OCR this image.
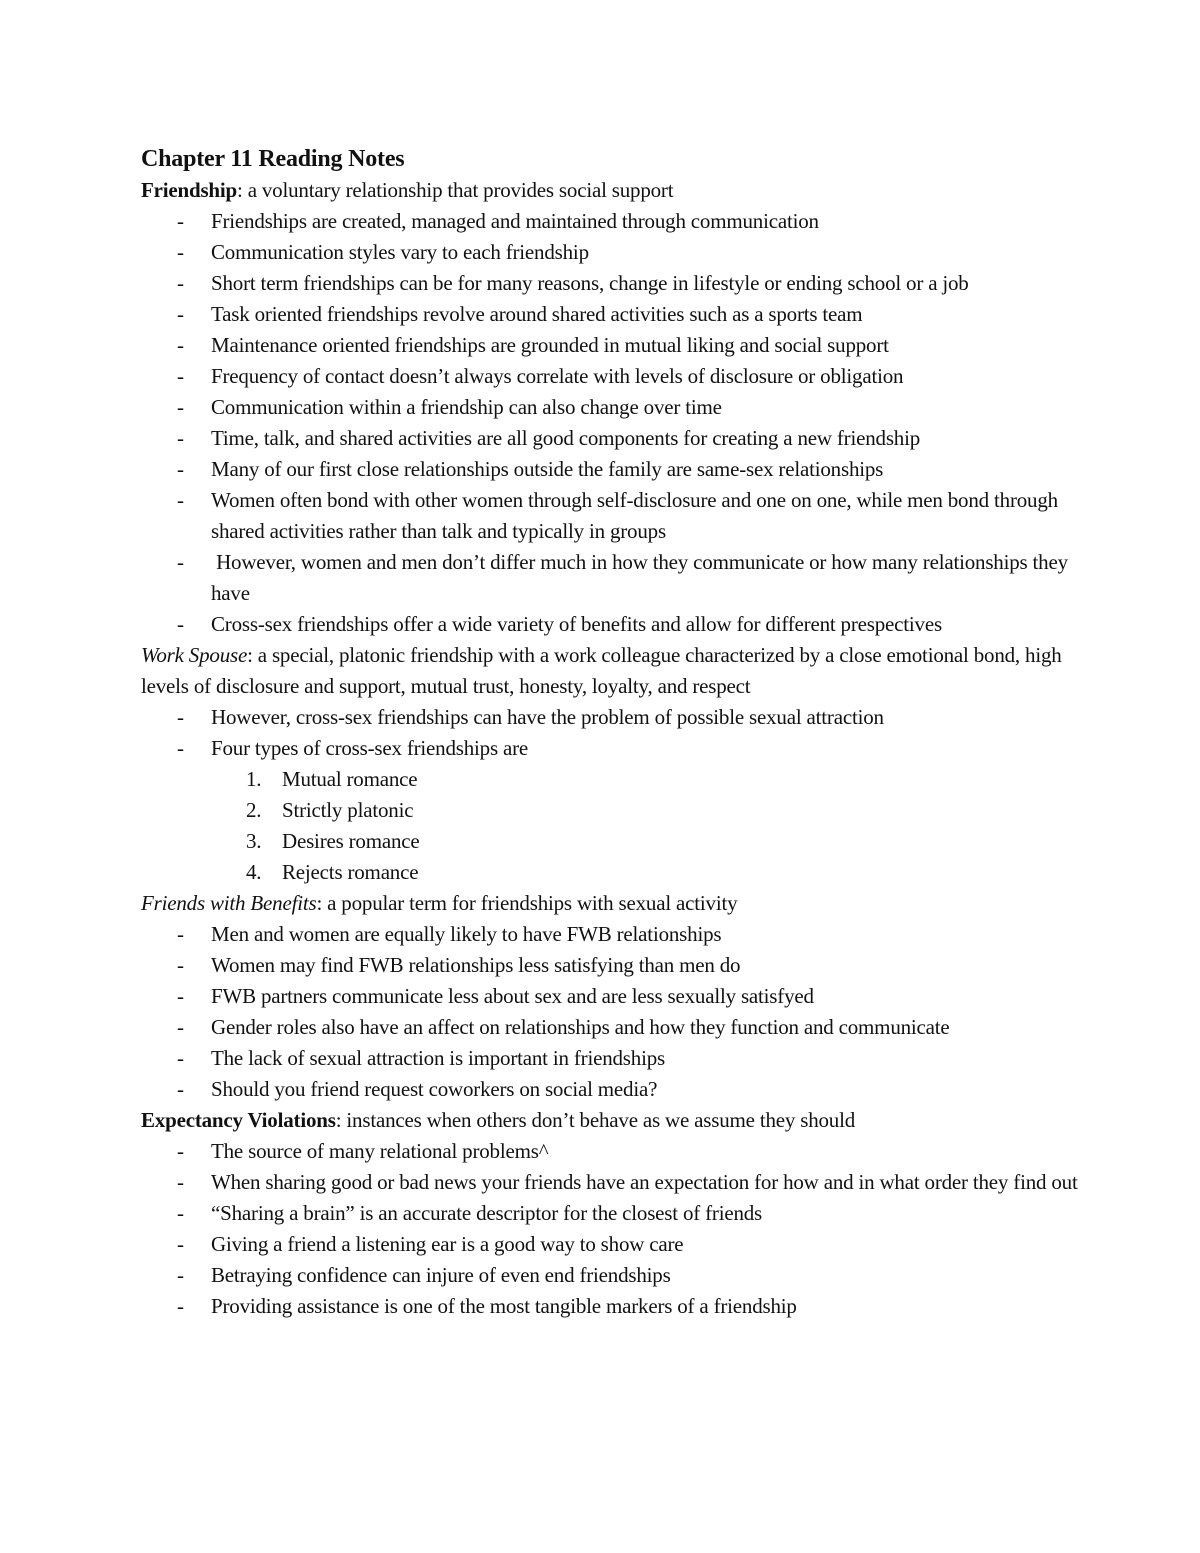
Chapter 11 Reading Notes

Friendship: a voluntary relationship that provides social support

- Friendships are created, managed and maintained through communication
- Communication styles vary to each friendship
- Short term friendships can be for many reasons, change in lifestyle or ending school or a job
- Task oriented friendships revolve around shared activities such as a sports team
- Maintenance oriented friendships are grounded in mutual liking and social support
- Frequency of contact doesn’t always correlate with levels of disclosure or obligation
- Communication within a friendship can also change over time
- Time, talk, and shared activities are all good components for creating a new friendship
- Many of our first close relationships outside the family are same-sex relationships
- Women often bond with other women through self-disclosure and one on one, while men bond through shared activities rather than talk and typically in groups
-  However, women and men don’t differ much in how they communicate or how many relationships they have
- Cross-sex friendships offer a wide variety of benefits and allow for different prespectives

Work Spouse: a special, platonic friendship with a work colleague characterized by a close emotional bond, high levels of disclosure and support, mutual trust, honesty, loyalty, and respect

- However, cross-sex friendships can have the problem of possible sexual attraction
- Four types of cross-sex friendships are
1. Mutual romance
2. Strictly platonic
3. Desires romance
4. Rejects romance

Friends with Benefits: a popular term for friendships with sexual activity

- Men and women are equally likely to have FWB relationships
- Women may find FWB relationships less satisfying than men do
- FWB partners communicate less about sex and are less sexually satisfyed
- Gender roles also have an affect on relationships and how they function and communicate
- The lack of sexual attraction is important in friendships
- Should you friend request coworkers on social media?

Expectancy Violations: instances when others don’t behave as we assume they should

- The source of many relational problems^
- When sharing good or bad news your friends have an expectation for how and in what order they find out
- “Sharing a brain” is an accurate descriptor for the closest of friends
- Giving a friend a listening ear is a good way to show care
- Betraying confidence can injure of even end friendships
- Providing assistance is one of the most tangible markers of a friendship
